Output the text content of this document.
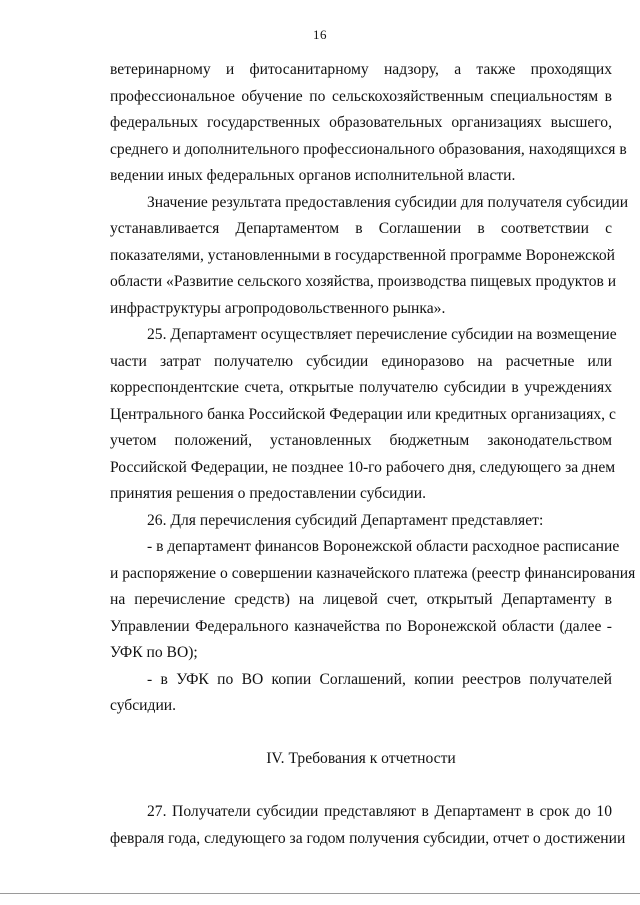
16
ветеринарному и фитосанитарному надзору, а также проходящих
профессиональное обучение по сельскохозяйственным специальностям в
федеральных государственных образовательных организациях высшего,
среднего и дополнительного профессионального образования, находящихся в
ведении иных федеральных органов исполнительной власти.
Значение результата предоставления субсидии для получателя субсидии
устанавливается Департаментом в Соглашении в соответствии с
показателями, установленными в государственной программе Воронежской
области «Развитие сельского хозяйства, производства пищевых продуктов и
инфраструктуры агропродовольственного рынка».
25. Департамент осуществляет перечисление субсидии на возмещение
части затрат получателю субсидии единоразово на расчетные или
корреспондентские счета, открытые получателю субсидии в учреждениях
Центрального банка Российской Федерации или кредитных организациях, с
учетом положений, установленных бюджетным законодательством
Российской Федерации, не позднее 10-го рабочего дня, следующего за днем
принятия решения о предоставлении субсидии.
26. Для перечисления субсидий Департамент представляет:
- в департамент финансов Воронежской области расходное расписание
и распоряжение о совершении казначейского платежа (реестр финансирования
на перечисление средств) на лицевой счет, открытый Департаменту в
Управлении Федерального казначейства по Воронежской области (далее -
УФК по ВО);
- в УФК по ВО копии Соглашений, копии реестров получателей
субсидии.
IV. Требования к отчетности
27. Получатели субсидии представляют в Департамент в срок до 10
февраля года, следующего за годом получения субсидии, отчет о достижении
